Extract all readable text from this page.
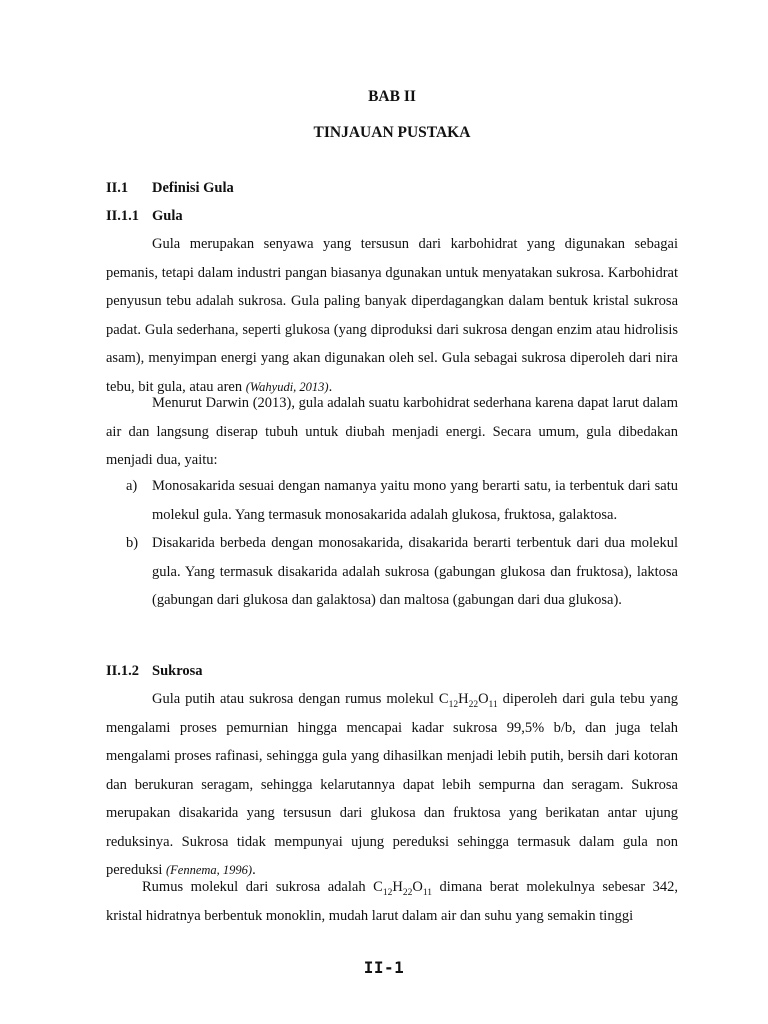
BAB II
TINJAUAN PUSTAKA
II.1 Definisi Gula
II.1.1 Gula

Gula merupakan senyawa yang tersusun dari karbohidrat yang digunakan sebagai pemanis, tetapi dalam industri pangan biasanya dgunakan untuk menyatakan sukrosa. Karbohidrat penyusun tebu adalah sukrosa. Gula paling banyak diperdagangkan dalam bentuk kristal sukrosa padat. Gula sederhana, seperti glukosa (yang diproduksi dari sukrosa dengan enzim atau hidrolisis asam), menyimpan energi yang akan digunakan oleh sel. Gula sebagai sukrosa diperoleh dari nira tebu, bit gula, atau aren (Wahyudi, 2013).

Menurut Darwin (2013), gula adalah suatu karbohidrat sederhana karena dapat larut dalam air dan langsung diserap tubuh untuk diubah menjadi energi. Secara umum, gula dibedakan menjadi dua, yaitu:

a) Monosakarida sesuai dengan namanya yaitu mono yang berarti satu, ia terbentuk dari satu molekul gula. Yang termasuk monosakarida adalah glukosa, fruktosa, galaktosa.
b) Disakarida berbeda dengan monosakarida, disakarida berarti terbentuk dari dua molekul gula. Yang termasuk disakarida adalah sukrosa (gabungan glukosa dan fruktosa), laktosa (gabungan dari glukosa dan galaktosa) dan maltosa (gabungan dari dua glukosa).
II.1.2 Sukrosa

Gula putih atau sukrosa dengan rumus molekul $C_{12}H_{22}O_{11}$ diperoleh dari gula tebu yang mengalami proses pemurnian hingga mencapai kadar sukrosa 99,5% b/b, dan juga telah mengalami proses rafinasi, sehingga gula yang dihasilkan menjadi lebih putih, bersih dari kotoran dan berukuran seragam, sehingga kelarutannya dapat lebih sempurna dan seragam. Sukrosa merupakan disakarida yang tersusun dari glukosa dan fruktosa yang berikatan antar ujung reduksinya. Sukrosa tidak mempunyai ujung pereduksi sehingga termasuk dalam gula non pereduksi (Fennema, 1996).

Rumus molekul dari sukrosa adalah $C_{12}H_{22}O_{11}$ dimana berat molekulnya sebesar 342, kristal hidratnya berbentuk monoklin, mudah larut dalam air dan suhu yang semakin tinggi

II-1
